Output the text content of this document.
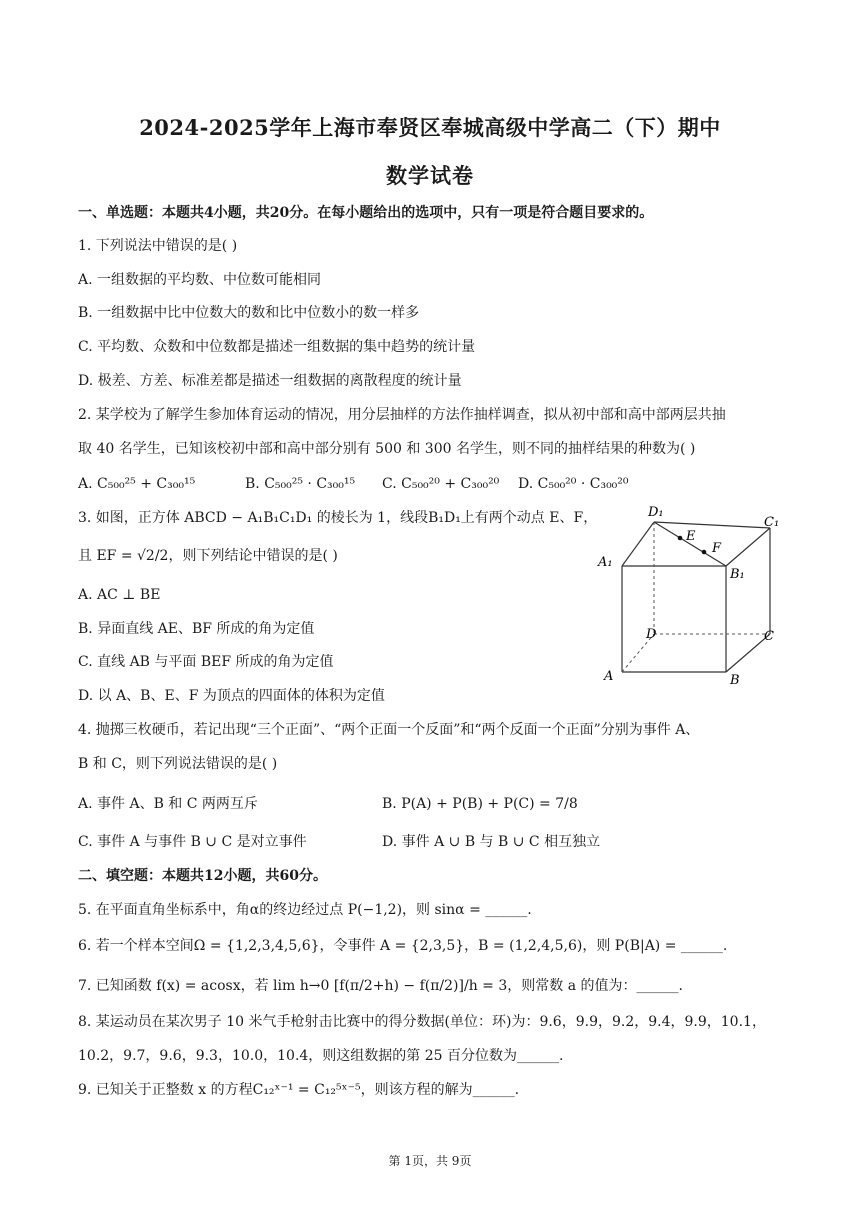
2024-2025学年上海市奉贤区奉城高级中学高二（下）期中
数学试卷
一、单选题：本题共4小题，共20分。在每小题给出的选项中，只有一项是符合题目要求的。
1. 下列说法中错误的是( )
A. 一组数据的平均数、中位数可能相同
B. 一组数据中比中位数大的数和比中位数小的数一样多
C. 平均数、众数和中位数都是描述一组数据的集中趋势的统计量
D. 极差、方差、标准差都是描述一组数据的离散程度的统计量
2. 某学校为了解学生参加体育运动的情况，用分层抽样的方法作抽样调查，拟从初中部和高中部两层共抽
取 40 名学生，已知该校初中部和高中部分别有 500 和 300 名学生，则不同的抽样结果的种数为( )
A. C₅₀₀²⁵ + C₃₀₀¹⁵	B. C₅₀₀²⁵ · C₃₀₀¹⁵ C. C₅₀₀²⁰ + C₃₀₀²⁰ D. C₅₀₀²⁰ · C₃₀₀²⁰
3. 如图，正方体 ABCD − A₁B₁C₁D₁ 的棱长为 1，线段B₁D₁上有两个动点 E、F，
且 EF = √2/2，则下列结论中错误的是( )
A. AC ⊥ BE
B. 异面直线 AE、BF 所成的角为定值
C. 直线 AB 与平面 BEF 所成的角为定值
D. 以 A、B、E、F 为顶点的四面体的体积为定值
D₁
C₁
A₁
B₁
E
F
D	C
A	B
4. 抛掷三枚硬币，若记出现“三个正面”、“两个正面一个反面”和“两个反面一个正面”分别为事件 A、
B 和 C，则下列说法错误的是( )
A. 事件 A、B 和 C 两两互斥	B. P(A) + P(B) + P(C) = 7/8
C. 事件 A 与事件 B ∪ C 是对立事件	D. 事件 A ∪ B 与 B ∪ C 相互独立
二、填空题：本题共12小题，共60分。
5. 在平面直角坐标系中，角α的终边经过点 P(−1,2)，则 sinα = ______.
6. 若一个样本空间Ω = {1,2,3,4,5,6}，令事件 A = {2,3,5}，B = (1,2,4,5,6)，则 P(B|A) = ______.
7. 已知函数 f(x) = acosx，若 lim h→0 [f(π/2+h) − f(π/2)]/h = 3，则常数 a 的值为：______.
8. 某运动员在某次男子 10 米气手枪射击比赛中的得分数据(单位：环)为：9.6，9.9，9.2，9.4，9.9，10.1，
10.2，9.7，9.6，9.3，10.0，10.4，则这组数据的第 25 百分位数为______.
9. 已知关于正整数 x 的方程C₁₂ˣ⁻¹ = C₁₂⁵ˣ⁻⁵，则该方程的解为______.
第 1页，共 9页
